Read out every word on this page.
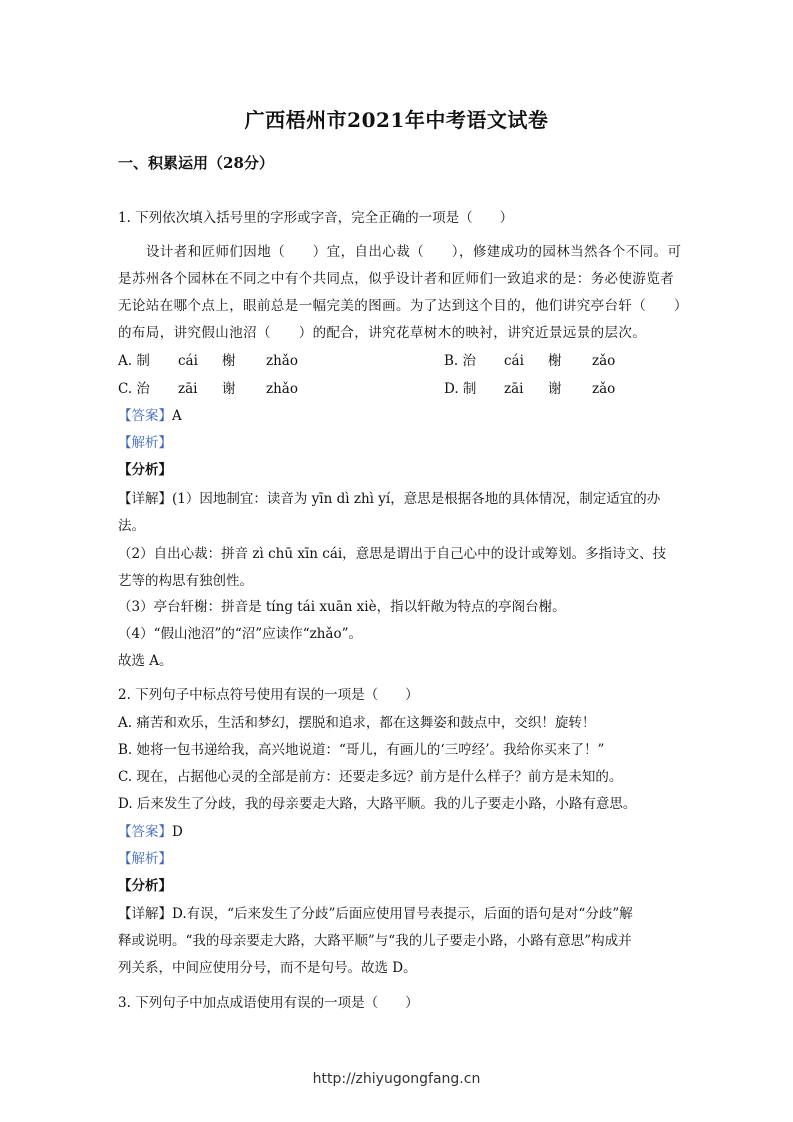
广西梧州市2021年中考语文试卷
一、积累运用（28分）
1. 下列依次填入括号里的字形或字音，完全正确的一项是（　　）
设计者和匠师们因地（　　）宜，自出心裁（　　），修建成功的园林当然各个不同。可
是苏州各个园林在不同之中有个共同点，似乎设计者和匠师们一致追求的是：务必使游览者
无论站在哪个点上，眼前总是一幅完美的图画。为了达到这个目的，他们讲究亭台轩（　　）
的布局，讲究假山池沼（　　）的配合，讲究花草树木的映衬，讲究近景远景的层次。
A. 制 cái 榭 zhǎo	B. 治 cái 榭 zǎo
C. 治 zāi 谢 zhǎo	D. 制 zāi 谢 zǎo
【答案】A
【解析】
【分析】
【详解】(1）因地制宜：读音为 yīn dì zhì yí，意思是根据各地的具体情况，制定适宜的办
法。
（2）自出心裁：拼音 zì chū xīn cái，意思是谓出于自己心中的设计或筹划。多指诗文、技
艺等的构思有独创性。
（3）亭台轩榭：拼音是 tíng tái xuān xiè，指以轩敞为特点的亭阁台榭。
（4）“假山池沼”的“沼”应读作“zhǎo”。
故选 A。
2. 下列句子中标点符号使用有误的一项是（　　）
A. 痛苦和欢乐，生活和梦幻，摆脱和追求，都在这舞姿和鼓点中，交织！旋转！
B. 她将一包书递给我，高兴地说道：“哥儿，有画儿的‘三哼经’。我给你买来了！”
C. 现在，占据他心灵的全部是前方：还要走多远？前方是什么样子？前方是未知的。
D. 后来发生了分歧，我的母亲要走大路，大路平顺。我的儿子要走小路，小路有意思。
【答案】D
【解析】
【分析】
【详解】D.有误，“后来发生了分歧”后面应使用冒号表提示，后面的语句是对“分歧”解
释或说明。“我的母亲要走大路，大路平顺”与“我的儿子要走小路，小路有意思”构成并
列关系，中间应使用分号，而不是句号。故选 D。
3. 下列句子中加点成语使用有误的一项是（　　）
http://zhiyugongfang.cn
